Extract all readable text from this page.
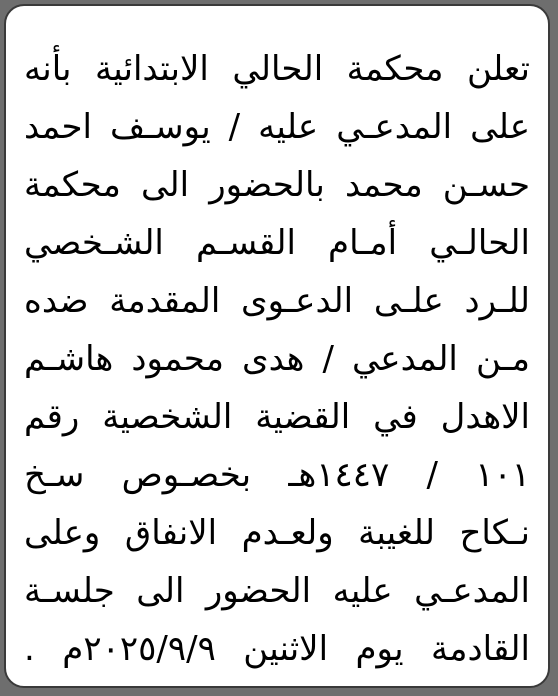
تعلن محكمة الحالي الابتدائية بأنه
على المدعـي عليه / يوسـف احمد
حسـن محمد بالحضور الى محكمة
الحالـي أمـام القسـم الشـخصي
للـرد علـى الدعـوى المقدمة ضده
مـن المدعي / هدى محمود هاشـم
الاهدل في القضية الشخصية رقم
١٠١ / ١٤٤٧هـ بخصـوص سـخ
نـكاح للغيبة ولعـدم الانفاق وعلى
المدعـي عليه الحضور الى جلسـة
القادمة يوم الاثنين ٢٠٢٥/٩/٩م .
